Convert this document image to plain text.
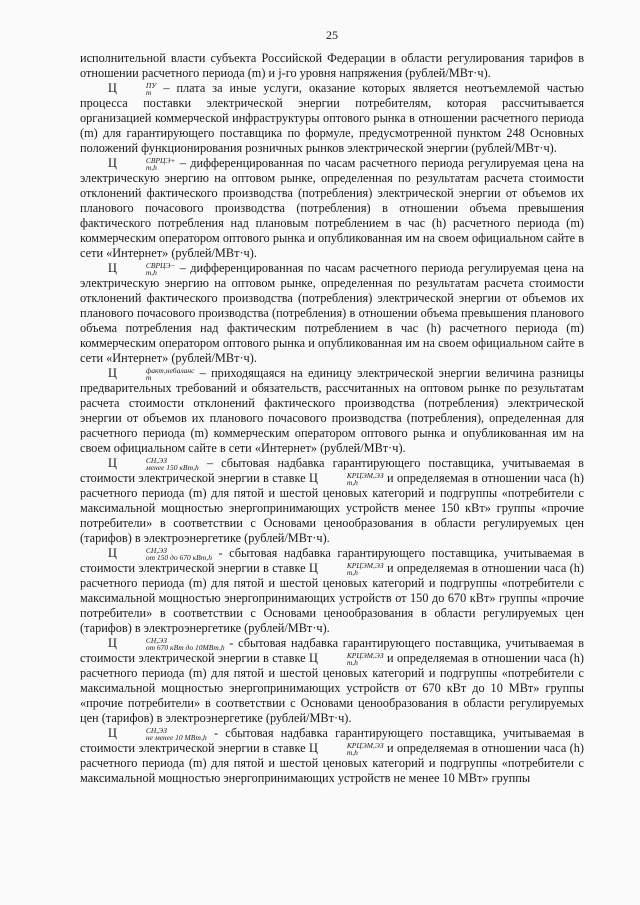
25

исполнительной власти субъекта Российской Федерации в области регулирования тарифов в отношении расчетного периода (m) и j-го уровня напряжения (рублей/МВт·ч).

Ц	ПУ
m – плата за иные услуги, оказание которых является неотъемлемой частью процесса поставки электрической энергии потребителям, которая рассчитывается организацией коммерческой инфраструктуры оптового рынка в отношении расчетного периода (m) для гарантирующего поставщика по формуле, предусмотренной пунктом 248 Основных положений функционирования розничных рынков электрической энергии (рублей/МВт·ч).

Ц	СВРЦЭ+
m,h	– дифференцированная по часам расчетного периода регулируемая цена на электрическую энергию на оптовом рынке, определенная по результатам расчета стоимости отклонений фактического производства (потребления) электрической энергии от объемов их планового почасового производства (потребления) в отношении объема превышения фактического потребления над плановым потреблением в час (h) расчетного периода (m) коммерческим оператором оптового рынка и опубликованная им на своем официальном сайте в сети «Интернет» (рублей/МВт·ч).

Ц	СВРЦЭ−
m,h	– дифференцированная по часам расчетного периода регулируемая цена на электрическую энергию на оптовом рынке, определенная по результатам расчета стоимости отклонений фактического производства (потребления) электрической энергии от объемов их планового почасового производства (потребления) в отношении объема превышения планового объема потребления над фактическим потреблением в час (h) расчетного периода (m) коммерческим оператором оптового рынка и опубликованная им на своем официальном сайте в сети «Интернет» (рублей/МВт·ч).

Ц	факт,небаланс
m	– приходящаяся на единицу электрической энергии величина разницы предварительных требований и обязательств, рассчитанных на оптовом рынке по результатам расчета стоимости отклонений фактического производства (потребления) электрической энергии от объемов их планового почасового производства (потребления), определенная для расчетного периода (m) коммерческим оператором оптового рынка и опубликованная им на своем официальном сайте в сети «Интернет» (рублей/МВт·ч).

Ц	СН,ЭЗ
менее 150 кВт,h – сбытовая надбавка гарантирующего поставщика, учитываемая в стоимости электрической энергии в ставке Ц	КРЦЭМ,ЭЗ
m,h	и определяемая в отношении часа (h) расчетного периода (m) для пятой и шестой ценовых категорий и подгруппы «потребители с максимальной мощностью энергопринимающих устройств менее 150 кВт» группы «прочие потребители» в соответствии с Основами ценообразования в области регулируемых цен (тарифов) в электроэнергетике (рублей/МВт·ч).

Ц	СН,ЭЗ
от 150 до 670 кВт,h - сбытовая надбавка гарантирующего поставщика, учитываемая в стоимости электрической энергии в ставке Ц	КРЦЭМ,ЭЗ
m,h	и определяемая в отношении часа (h) расчетного периода (m) для пятой и шестой ценовых категорий и подгруппы «потребители с максимальной мощностью энергопринимающих устройств от 150 до 670 кВт» группы «прочие потребители» в соответствии с Основами ценообразования в области регулируемых цен (тарифов) в электроэнергетике (рублей/МВт·ч).

Ц	СН,ЭЗ
от 670 кВт до 10МВт,h - сбытовая надбавка гарантирующего поставщика, учитываемая в стоимости электрической энергии в ставке Ц	КРЦЭМ,ЭЗ
m,h	и определяемая в отношении часа (h) расчетного периода (m) для пятой и шестой ценовых категорий и подгруппы «потребители с максимальной мощностью энергопринимающих устройств от 670 кВт до 10 МВт» группы «прочие потребители» в соответствии с Основами ценообразования в области регулируемых цен (тарифов) в электроэнергетике (рублей/МВт·ч).

Ц	СН,ЭЗ
не менее 10 МВт,h - сбытовая надбавка гарантирующего поставщика, учитываемая в стоимости электрической энергии в ставке Ц	КРЦЭМ,ЭЗ
m,h	и определяемая в отношении часа (h) расчетного периода (m) для пятой и шестой ценовых категорий и подгруппы «потребители с максимальной мощностью энергопринимающих устройств не менее 10 МВт» группы
